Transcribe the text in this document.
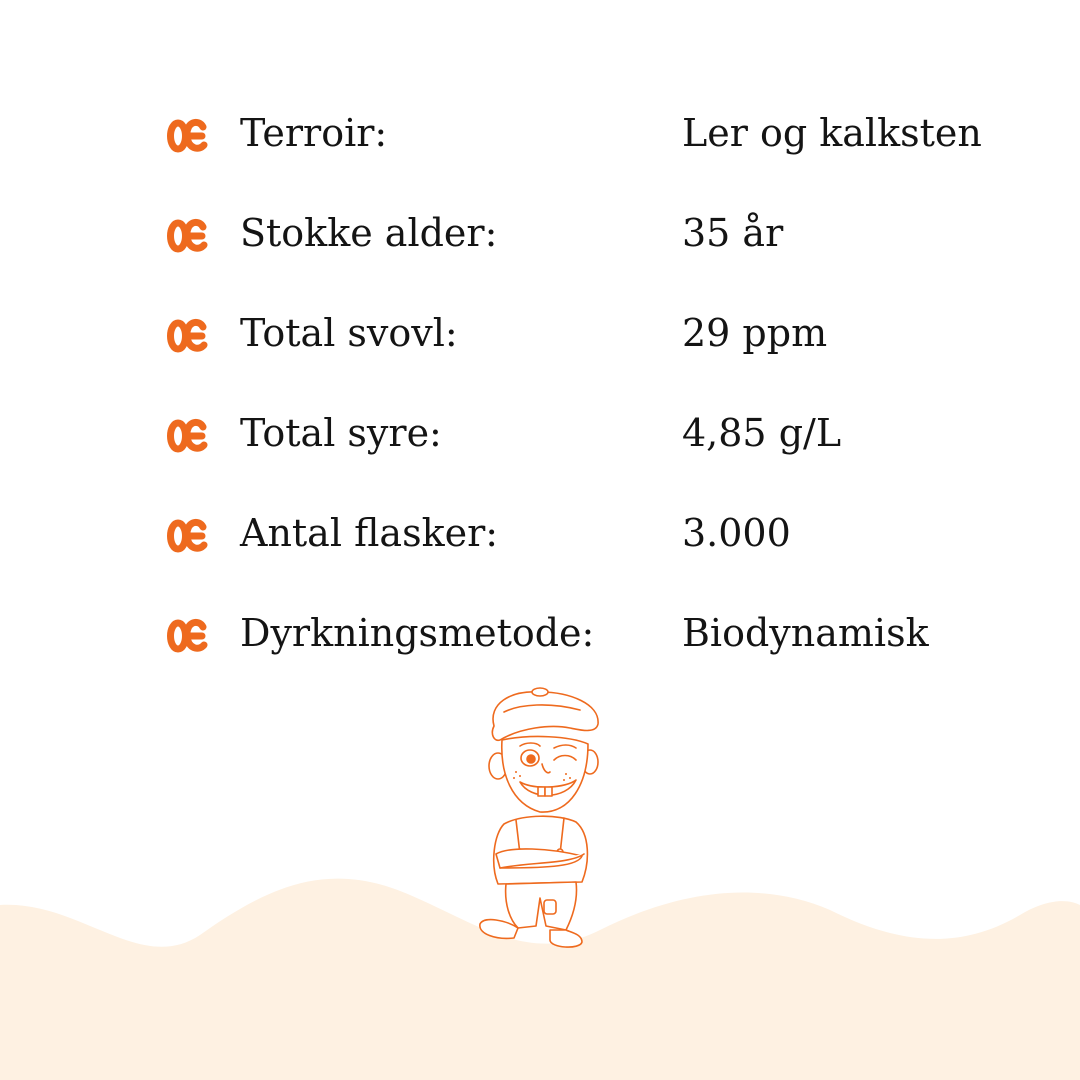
Terroir:	Ler og kalksten
Stokke alder:	35 år
Total svovl:	29 ppm
Total syre:	4,85 g/L
Antal flasker:	3.000
Dyrkningsmetode: Biodynamisk
